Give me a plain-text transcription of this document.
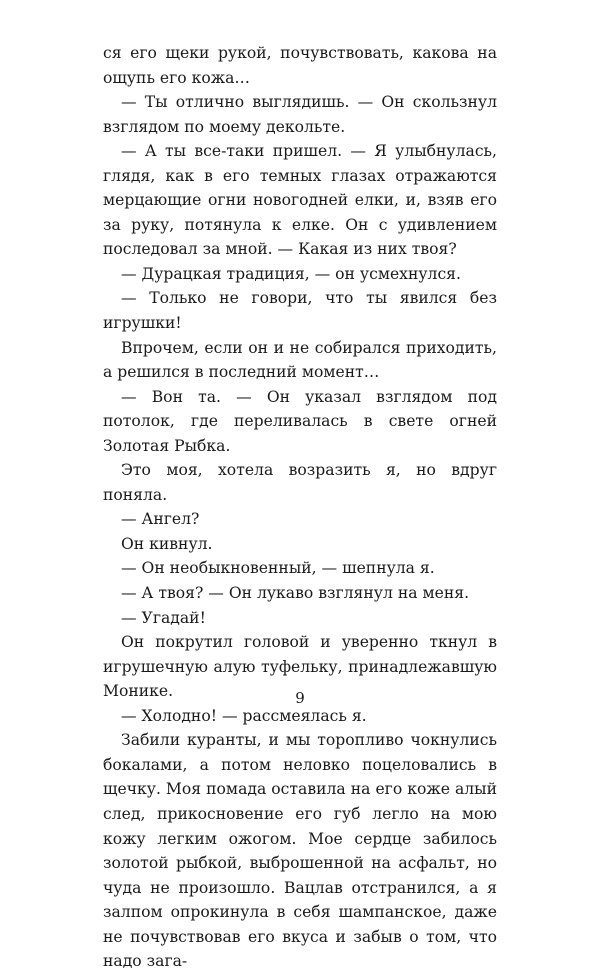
ся его щеки рукой, почувствовать, какова на ощупь его кожа…

— Ты отлично выглядишь. — Он скользнул взглядом по моему декольте.

— А ты все-таки пришел. — Я улыбнулась, глядя, как в его темных глазах отражаются мерцающие огни новогодней елки, и, взяв его за руку, потянула к елке. Он с удивлением последовал за мной. — Какая из них твоя?

— Дурацкая традиция, — он усмехнулся.

— Только не говори, что ты явился без игрушки!

Впрочем, если он и не собирался приходить, а решился в последний момент…

— Вон та. — Он указал взглядом под потолок, где переливалась в свете огней Золотая Рыбка.

Это моя, хотела возразить я, но вдруг поняла.

— Ангел?

Он кивнул.

— Он необыкновенный, — шепнула я.

— А твоя? — Он лукаво взглянул на меня.

— Угадай!

Он покрутил головой и уверенно ткнул в игрушечную алую туфельку, принадлежавшую Монике.

— Холодно! — рассмеялась я.

Забили куранты, и мы торопливо чокнулись бокалами, а потом неловко поцеловались в щечку. Моя помада оставила на его коже алый след, прикосновение его губ легло на мою кожу легким ожогом. Мое сердце забилось золотой рыбкой, выброшенной на асфальт, но чуда не произошло. Вацлав отстранился, а я залпом опрокинула в себя шампанское, даже не почувствовав его вкуса и забыв о том, что надо зага-

9
